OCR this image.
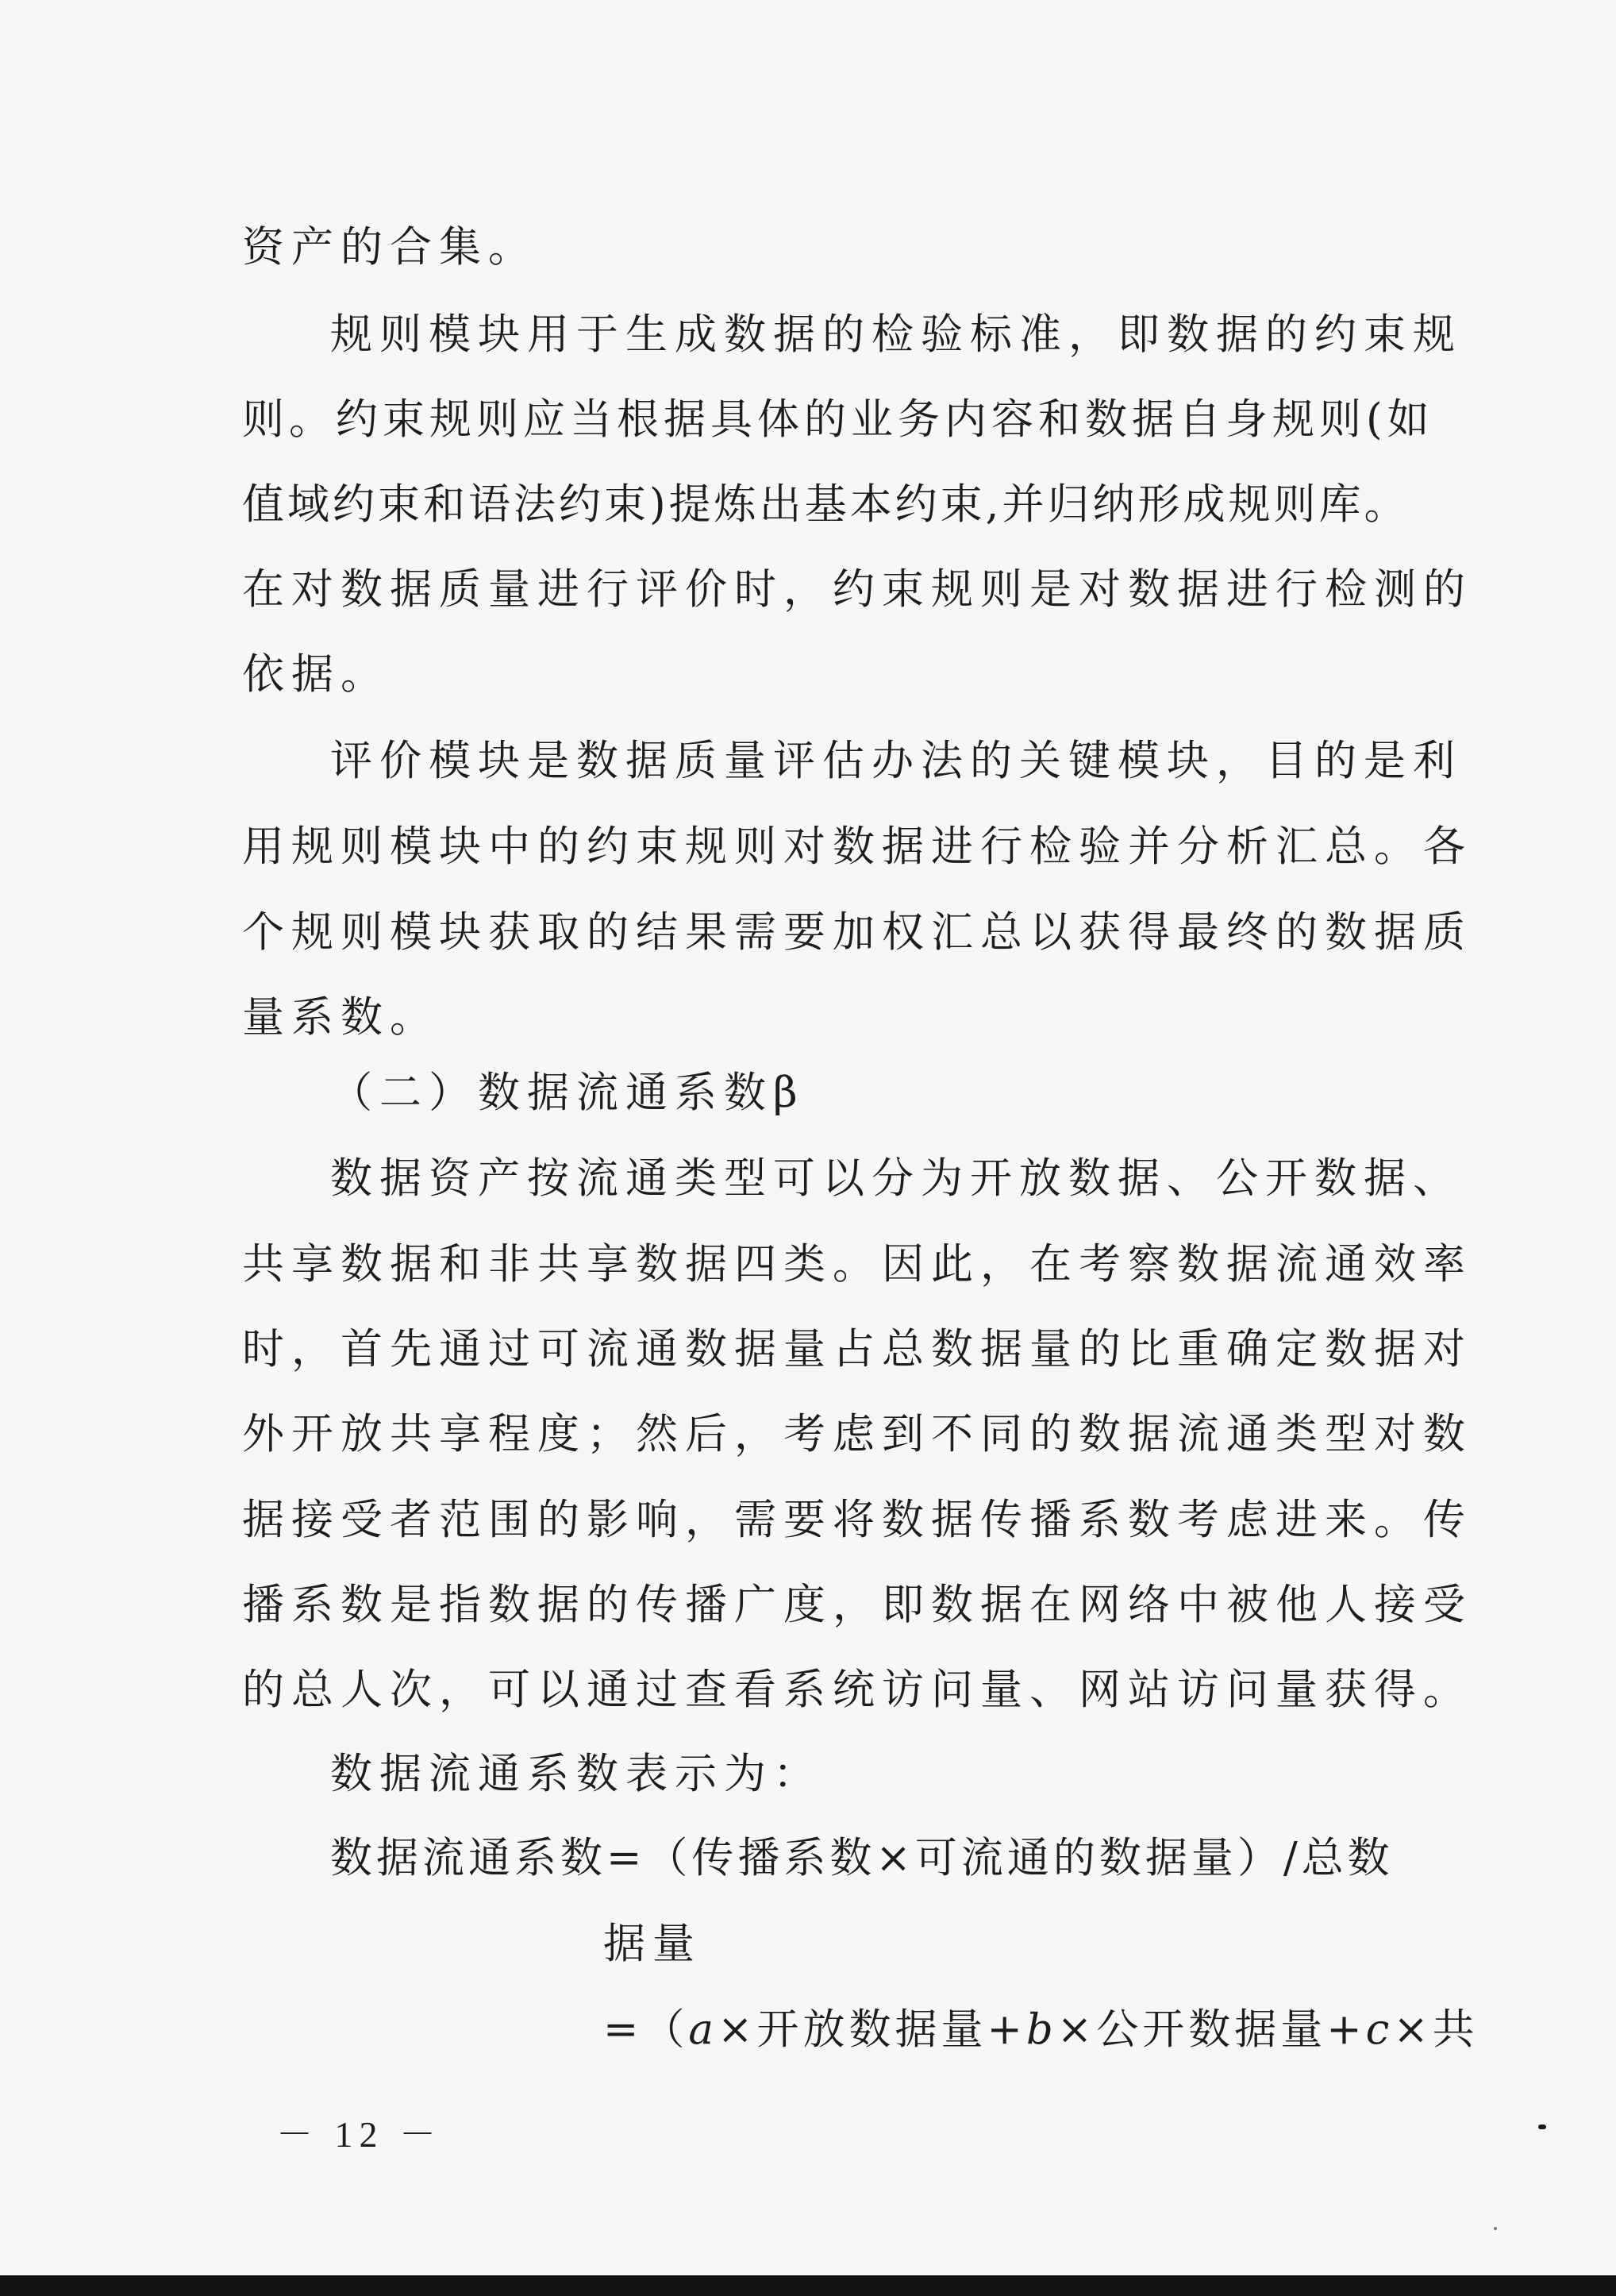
资产的合集。
规则模块用于生成数据的检验标准，即数据的约束规
则。约束规则应当根据具体的业务内容和数据自身规则(如
值域约束和语法约束)提炼出基本约束,并归纳形成规则库。
在对数据质量进行评价时，约束规则是对数据进行检测的
依据。
评价模块是数据质量评估办法的关键模块，目的是利
用规则模块中的约束规则对数据进行检验并分析汇总。各
个规则模块获取的结果需要加权汇总以获得最终的数据质
量系数。
（二）数据流通系数β
数据资产按流通类型可以分为开放数据、公开数据、
共享数据和非共享数据四类。因此，在考察数据流通效率
时，首先通过可流通数据量占总数据量的比重确定数据对
外开放共享程度；然后，考虑到不同的数据流通类型对数
据接受者范围的影响，需要将数据传播系数考虑进来。传
播系数是指数据的传播广度，即数据在网络中被他人接受
的总人次，可以通过查看系统访问量、网站访问量获得。
数据流通系数表示为：
数据流通系数=（传播系数×可流通的数据量）/总数
据量
=（a×开放数据量+b×公开数据量+c×共
－ 12 －
